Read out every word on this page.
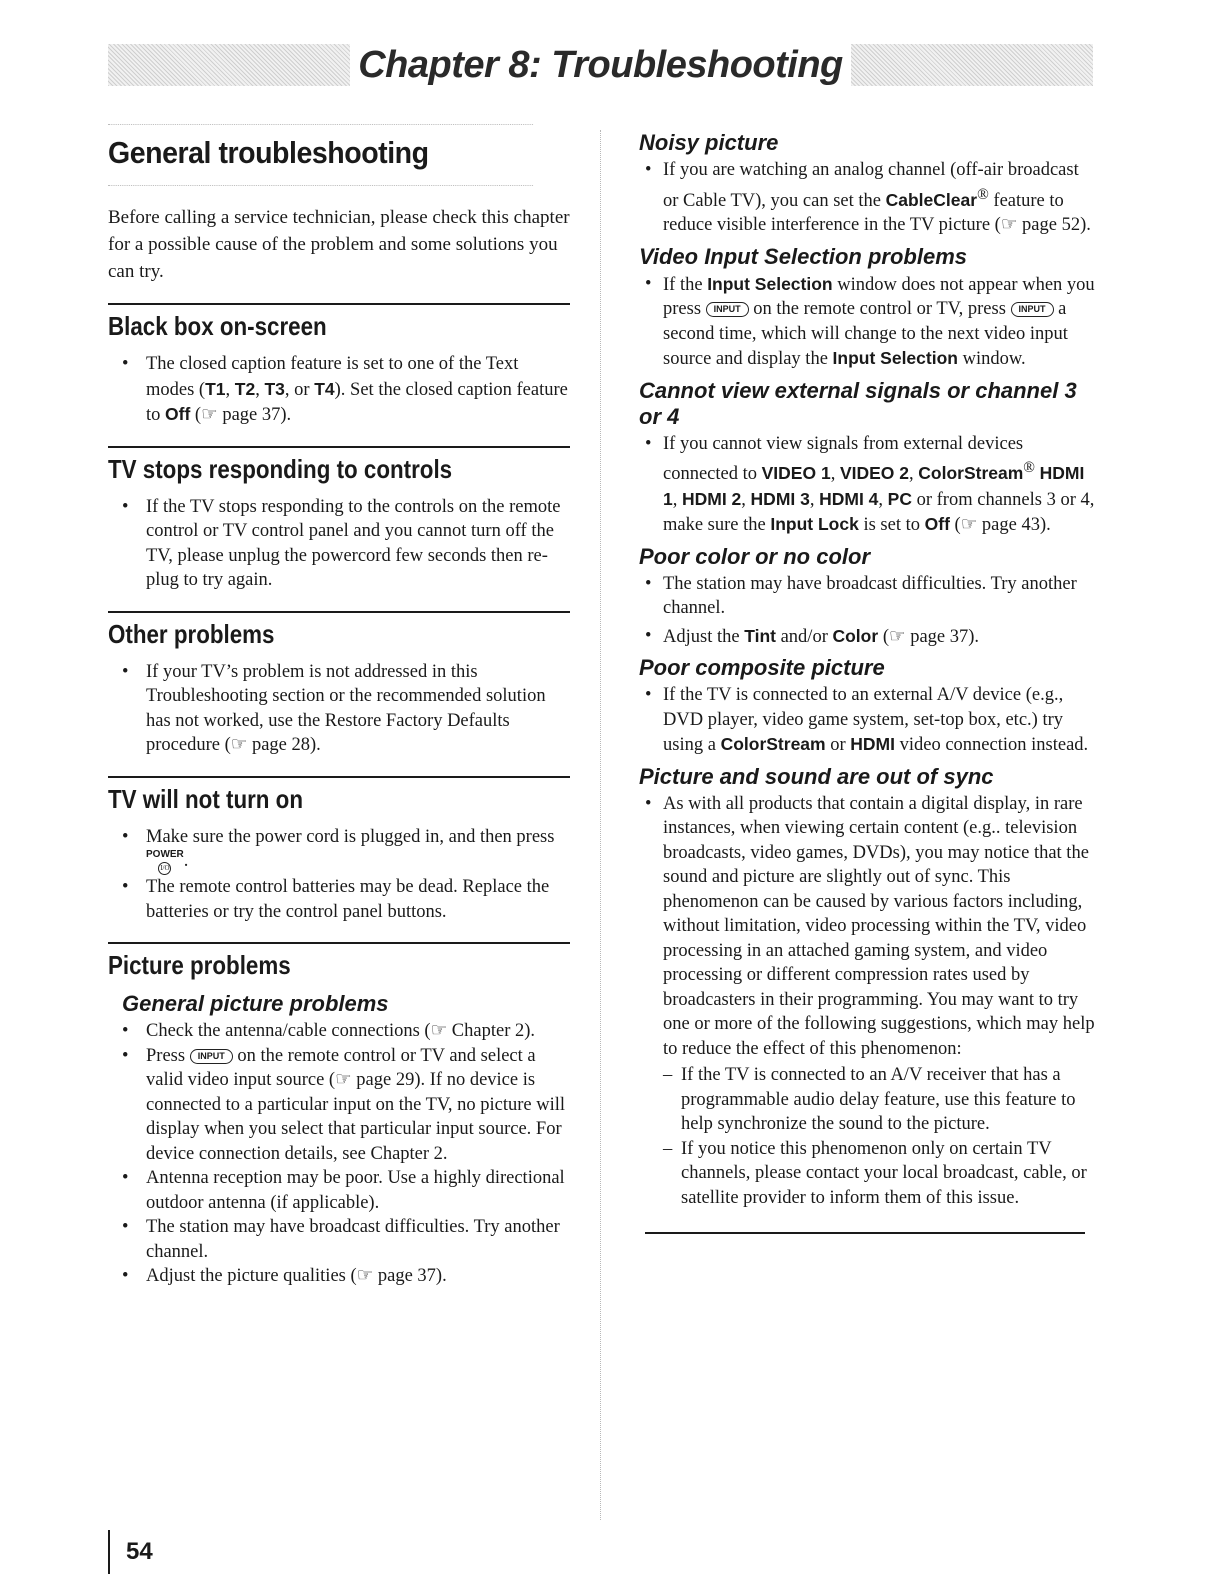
Chapter 8: Troubleshooting
General troubleshooting

Before calling a service technician, please check this chapter for a possible cause of the problem and some solutions you can try.

Black box on-screen
• The closed caption feature is set to one of the Text modes (T1, T2, T3, or T4). Set the closed caption feature to Off (☞ page 37).
TV stops responding to controls
• If the TV stops responding to the controls on the remote control or TV control panel and you cannot turn off the TV, please unplug the powercord few seconds then re-plug to try again.
Other problems
• If your TV’s problem is not addressed in this Troubleshooting section or the recommended solution has not worked, use the Restore Factory Defaults procedure (☞ page 28).
TV will not turn on
• Make sure the power cord is plugged in, and then press
POWER
I/O .
• The remote control batteries may be dead. Replace the batteries or try the control panel buttons.
Picture problems
General picture problems
• Check the antenna/cable connections (☞ Chapter 2).
• Press INPUT on the remote control or TV and select a valid video input source (☞ page 29). If no device is connected to a particular input on the TV, no picture will display when you select that particular input source. For device connection details, see Chapter 2.
• Antenna reception may be poor. Use a highly directional outdoor antenna (if applicable).
• The station may have broadcast difficulties. Try another channel.
• Adjust the picture qualities (☞ page 37).
Noisy picture
• If you are watching an analog channel (off-air broadcast or Cable TV), you can set the CableClear® feature to reduce visible interference in the TV picture (☞ page 52).
Video Input Selection problems
• If the Input Selection window does not appear when you press INPUT on the remote control or TV, press INPUT a second time, which will change to the next video input source and display the Input Selection window.
Cannot view external signals or channel 3 or 4
• If you cannot view signals from external devices connected to VIDEO 1, VIDEO 2, ColorStream® HDMI 1, HDMI 2, HDMI 3, HDMI 4, PC or from channels 3 or 4, make sure the Input Lock is set to Off (☞ page 43).
Poor color or no color
• The station may have broadcast difficulties. Try another channel.
• Adjust the Tint and/or Color (☞ page 37).
Poor composite picture
• If the TV is connected to an external A/V device (e.g., DVD player, video game system, set-top box, etc.) try using a ColorStream or HDMI video connection instead.
Picture and sound are out of sync
• As with all products that contain a digital display, in rare instances, when viewing certain content (e.g.. television broadcasts, video games, DVDs), you may notice that the sound and picture are slightly out of sync. This phenomenon can be caused by various factors including, without limitation, video processing within the TV, video processing in an attached gaming system, and video processing or different compression rates used by broadcasters in their programming. You may want to try one or more of the following suggestions, which may help to reduce the effect of this phenomenon:
– If the TV is connected to an A/V receiver that has a programmable audio delay feature, use this feature to help synchronize the sound to the picture.
– If you notice this phenomenon only on certain TV channels, please contact your local broadcast, cable, or satellite provider to inform them of this issue.
54
